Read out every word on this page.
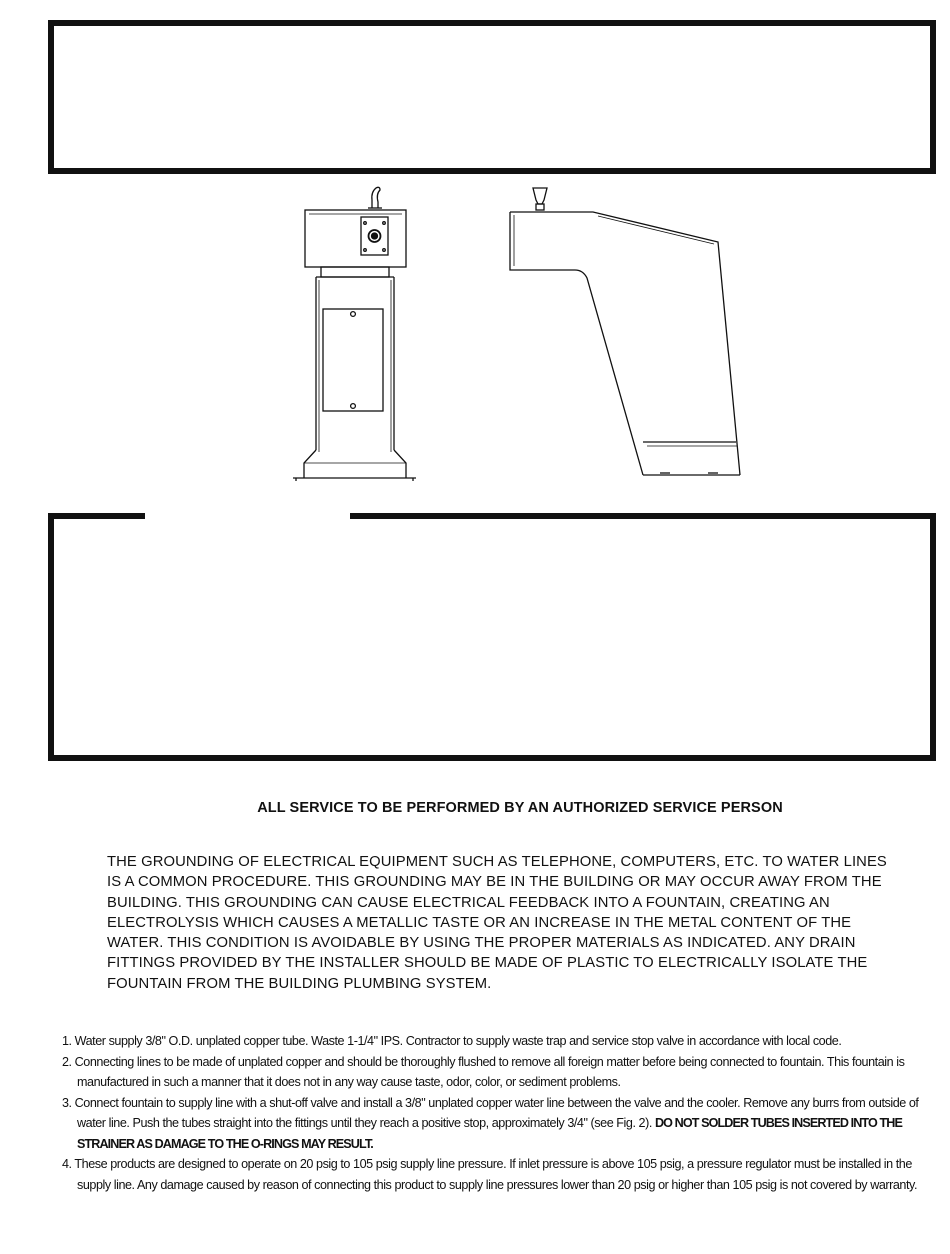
ALL SERVICE TO BE PERFORMED BY AN AUTHORIZED SERVICE PERSON

THE GROUNDING OF ELECTRICAL EQUIPMENT SUCH AS TELEPHONE, COMPUTERS, ETC. TO WATER LINES IS A COMMON PROCEDURE. THIS GROUNDING MAY BE IN THE BUILDING OR MAY OCCUR AWAY FROM THE BUILDING. THIS GROUNDING CAN CAUSE ELECTRICAL FEEDBACK INTO A FOUNTAIN, CREATING AN ELECTROLYSIS WHICH CAUSES A METALLIC TASTE OR AN INCREASE IN THE METAL CONTENT OF THE WATER. THIS CONDITION IS AVOIDABLE BY USING THE PROPER MATERIALS AS INDICATED. ANY DRAIN FITTINGS PROVIDED BY THE INSTALLER SHOULD BE MADE OF PLASTIC TO ELECTRICALLY ISOLATE THE FOUNTAIN FROM THE BUILDING PLUMBING SYSTEM.

1. Water supply 3/8" O.D. unplated copper tube. Waste 1-1/4" IPS. Contractor to supply waste trap and service stop valve in accordance with local code.
2. Connecting lines to be made of unplated copper and should be thoroughly flushed to remove all foreign matter before being connected to fountain. This fountain is manufactured in such a manner that it does not in any way cause taste, odor, color, or sediment problems.
3. Connect fountain to supply line with a shut-off valve and install a 3/8" unplated copper water line between the valve and the cooler. Remove any burrs from outside of water line. Push the tubes straight into the fittings until they reach a positive stop, approximately 3/4" (see Fig. 2). DO NOT SOLDER TUBES INSERTED INTO THE STRAINER AS DAMAGE TO THE O-RINGS MAY RESULT.
4. These products are designed to operate on 20 psig to 105 psig supply line pressure. If inlet pressure is above 105 psig, a pressure regulator must be installed in the supply line. Any damage caused by reason of connecting this product to supply line pressures lower than 20 psig or higher than 105 psig is not covered by warranty.
